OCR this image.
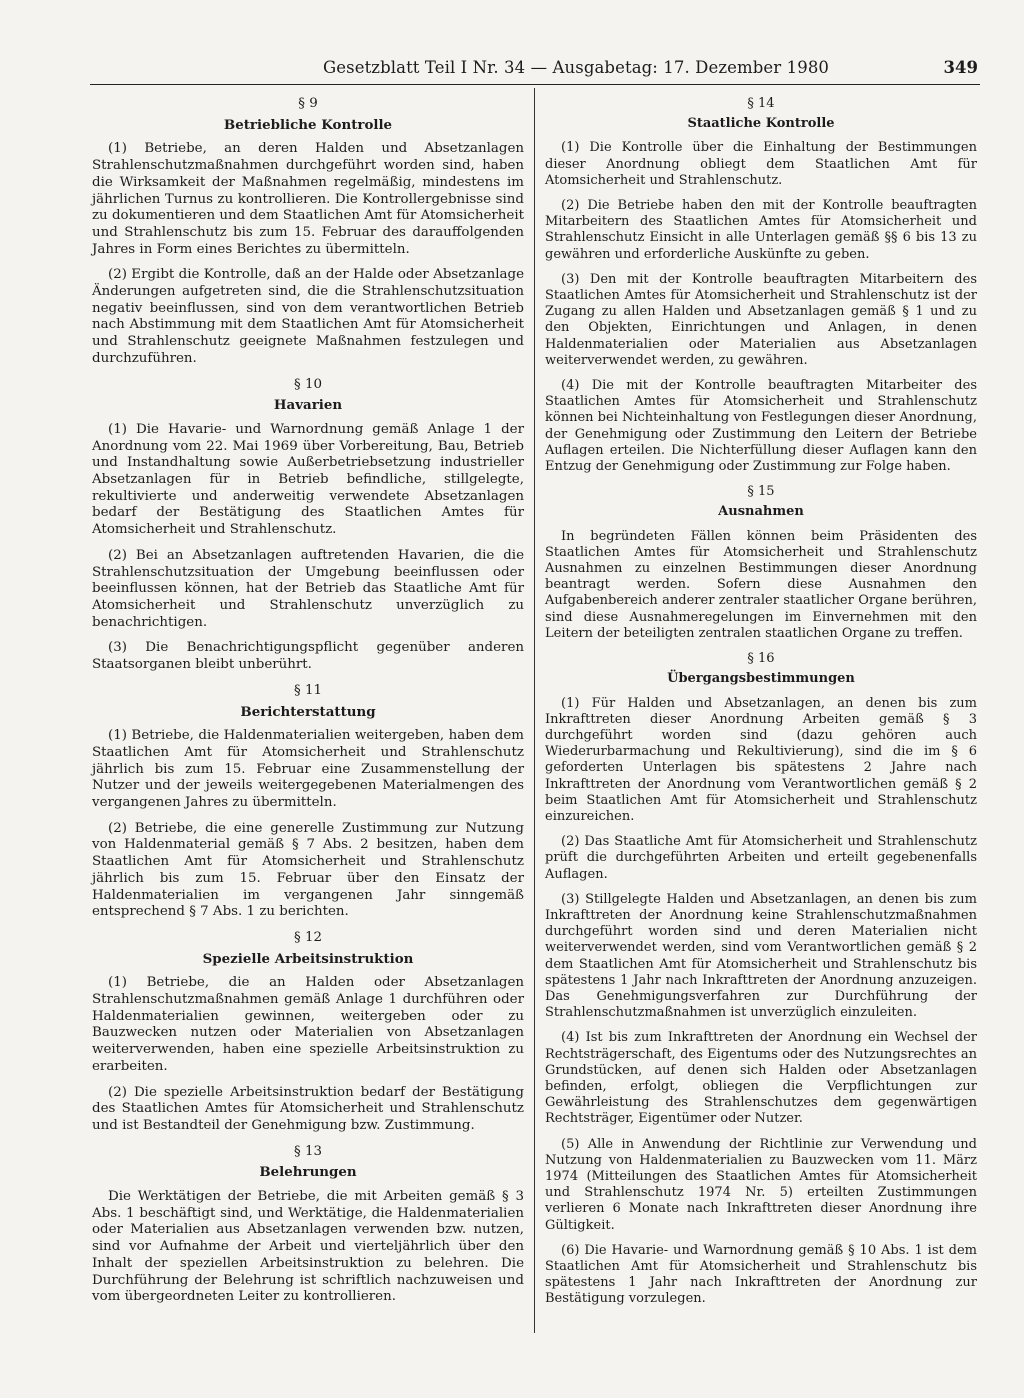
Gesetzblatt Teil I Nr. 34 — Ausgabetag: 17. Dezember 1980	349
§ 9
Betriebliche Kontrolle

(1) Betriebe, an deren Halden und Absetzanlagen Strahlenschutzmaßnahmen durchgeführt worden sind, haben die Wirksamkeit der Maßnahmen regelmäßig, mindestens im jährlichen Turnus zu kontrollieren. Die Kontrollergebnisse sind zu dokumentieren und dem Staatlichen Amt für Atomsicherheit und Strahlenschutz bis zum 15. Februar des darauffolgenden Jahres in Form eines Berichtes zu übermitteln.

(2) Ergibt die Kontrolle, daß an der Halde oder Absetzanlage Änderungen aufgetreten sind, die die Strahlenschutzsituation negativ beeinflussen, sind von dem verantwortlichen Betrieb nach Abstimmung mit dem Staatlichen Amt für Atomsicherheit und Strahlenschutz geeignete Maßnahmen festzulegen und durchzuführen.

§ 10
Havarien

(1) Die Havarie- und Warnordnung gemäß Anlage 1 der Anordnung vom 22. Mai 1969 über Vorbereitung, Bau, Betrieb und Instandhaltung sowie Außerbetriebsetzung industrieller Absetzanlagen für in Betrieb befindliche, stillgelegte, rekultivierte und anderweitig verwendete Absetzanlagen bedarf der Bestätigung des Staatlichen Amtes für Atomsicherheit und Strahlenschutz.

(2) Bei an Absetzanlagen auftretenden Havarien, die die Strahlenschutzsituation der Umgebung beeinflussen oder beeinflussen können, hat der Betrieb das Staatliche Amt für Atomsicherheit und Strahlenschutz unverzüglich zu benachrichtigen.

(3) Die Benachrichtigungspflicht gegenüber anderen Staatsorganen bleibt unberührt.

§ 11
Berichterstattung

(1) Betriebe, die Haldenmaterialien weitergeben, haben dem Staatlichen Amt für Atomsicherheit und Strahlenschutz jährlich bis zum 15. Februar eine Zusammenstellung der Nutzer und der jeweils weitergegebenen Materialmengen des vergangenen Jahres zu übermitteln.

(2) Betriebe, die eine generelle Zustimmung zur Nutzung von Haldenmaterial gemäß § 7 Abs. 2 besitzen, haben dem Staatlichen Amt für Atomsicherheit und Strahlenschutz jährlich bis zum 15. Februar über den Einsatz der Haldenmaterialien im vergangenen Jahr sinngemäß entsprechend § 7 Abs. 1 zu berichten.

§ 12
Spezielle Arbeitsinstruktion

(1) Betriebe, die an Halden oder Absetzanlagen Strahlenschutzmaßnahmen gemäß Anlage 1 durchführen oder Haldenmaterialien gewinnen, weitergeben oder zu Bauzwecken nutzen oder Materialien von Absetzanlagen weiterverwenden, haben eine spezielle Arbeitsinstruktion zu erarbeiten.

(2) Die spezielle Arbeitsinstruktion bedarf der Bestätigung des Staatlichen Amtes für Atomsicherheit und Strahlenschutz und ist Bestandteil der Genehmigung bzw. Zustimmung.

§ 13
Belehrungen

Die Werktätigen der Betriebe, die mit Arbeiten gemäß § 3 Abs. 1 beschäftigt sind, und Werktätige, die Haldenmaterialien oder Materialien aus Absetzanlagen verwenden bzw. nutzen, sind vor Aufnahme der Arbeit und vierteljährlich über den Inhalt der speziellen Arbeitsinstruktion zu belehren. Die Durchführung der Belehrung ist schriftlich nachzuweisen und vom übergeordneten Leiter zu kontrollieren.

§ 14
Staatliche Kontrolle

(1) Die Kontrolle über die Einhaltung der Bestimmungen dieser Anordnung obliegt dem Staatlichen Amt für Atomsicherheit und Strahlenschutz.

(2) Die Betriebe haben den mit der Kontrolle beauftragten Mitarbeitern des Staatlichen Amtes für Atomsicherheit und Strahlenschutz Einsicht in alle Unterlagen gemäß §§ 6 bis 13 zu gewähren und erforderliche Auskünfte zu geben.

(3) Den mit der Kontrolle beauftragten Mitarbeitern des Staatlichen Amtes für Atomsicherheit und Strahlenschutz ist der Zugang zu allen Halden und Absetzanlagen gemäß § 1 und zu den Objekten, Einrichtungen und Anlagen, in denen Haldenmaterialien oder Materialien aus Absetzanlagen weiterverwendet werden, zu gewähren.

(4) Die mit der Kontrolle beauftragten Mitarbeiter des Staatlichen Amtes für Atomsicherheit und Strahlenschutz können bei Nichteinhaltung von Festlegungen dieser Anordnung, der Genehmigung oder Zustimmung den Leitern der Betriebe Auflagen erteilen. Die Nichterfüllung dieser Auflagen kann den Entzug der Genehmigung oder Zustimmung zur Folge haben.

§ 15
Ausnahmen

In begründeten Fällen können beim Präsidenten des Staatlichen Amtes für Atomsicherheit und Strahlenschutz Ausnahmen zu einzelnen Bestimmungen dieser Anordnung beantragt werden. Sofern diese Ausnahmen den Aufgabenbereich anderer zentraler staatlicher Organe berühren, sind diese Ausnahmeregelungen im Einvernehmen mit den Leitern der beteiligten zentralen staatlichen Organe zu treffen.

§ 16
Übergangsbestimmungen

(1) Für Halden und Absetzanlagen, an denen bis zum Inkrafttreten dieser Anordnung Arbeiten gemäß § 3 durchgeführt worden sind (dazu gehören auch Wiederurbarmachung und Rekultivierung), sind die im § 6 geforderten Unterlagen bis spätestens 2 Jahre nach Inkrafttreten der Anordnung vom Verantwortlichen gemäß § 2 beim Staatlichen Amt für Atomsicherheit und Strahlenschutz einzureichen.

(2) Das Staatliche Amt für Atomsicherheit und Strahlenschutz prüft die durchgeführten Arbeiten und erteilt gegebenenfalls Auflagen.

(3) Stillgelegte Halden und Absetzanlagen, an denen bis zum Inkrafttreten der Anordnung keine Strahlenschutzmaßnahmen durchgeführt worden sind und deren Materialien nicht weiterverwendet werden, sind vom Verantwortlichen gemäß § 2 dem Staatlichen Amt für Atomsicherheit und Strahlenschutz bis spätestens 1 Jahr nach Inkrafttreten der Anordnung anzuzeigen. Das Genehmigungsverfahren zur Durchführung der Strahlenschutzmaßnahmen ist unverzüglich einzuleiten.

(4) Ist bis zum Inkrafttreten der Anordnung ein Wechsel der Rechtsträgerschaft, des Eigentums oder des Nutzungsrechtes an Grundstücken, auf denen sich Halden oder Absetzanlagen befinden, erfolgt, obliegen die Verpflichtungen zur Gewährleistung des Strahlenschutzes dem gegenwärtigen Rechtsträger, Eigentümer oder Nutzer.

(5) Alle in Anwendung der Richtlinie zur Verwendung und Nutzung von Haldenmaterialien zu Bauzwecken vom 11. März 1974 (Mitteilungen des Staatlichen Amtes für Atomsicherheit und Strahlenschutz 1974 Nr. 5) erteilten Zustimmungen verlieren 6 Monate nach Inkrafttreten dieser Anordnung ihre Gültigkeit.

(6) Die Havarie- und Warnordnung gemäß § 10 Abs. 1 ist dem Staatlichen Amt für Atomsicherheit und Strahlenschutz bis spätestens 1 Jahr nach Inkrafttreten der Anordnung zur Bestätigung vorzulegen.
